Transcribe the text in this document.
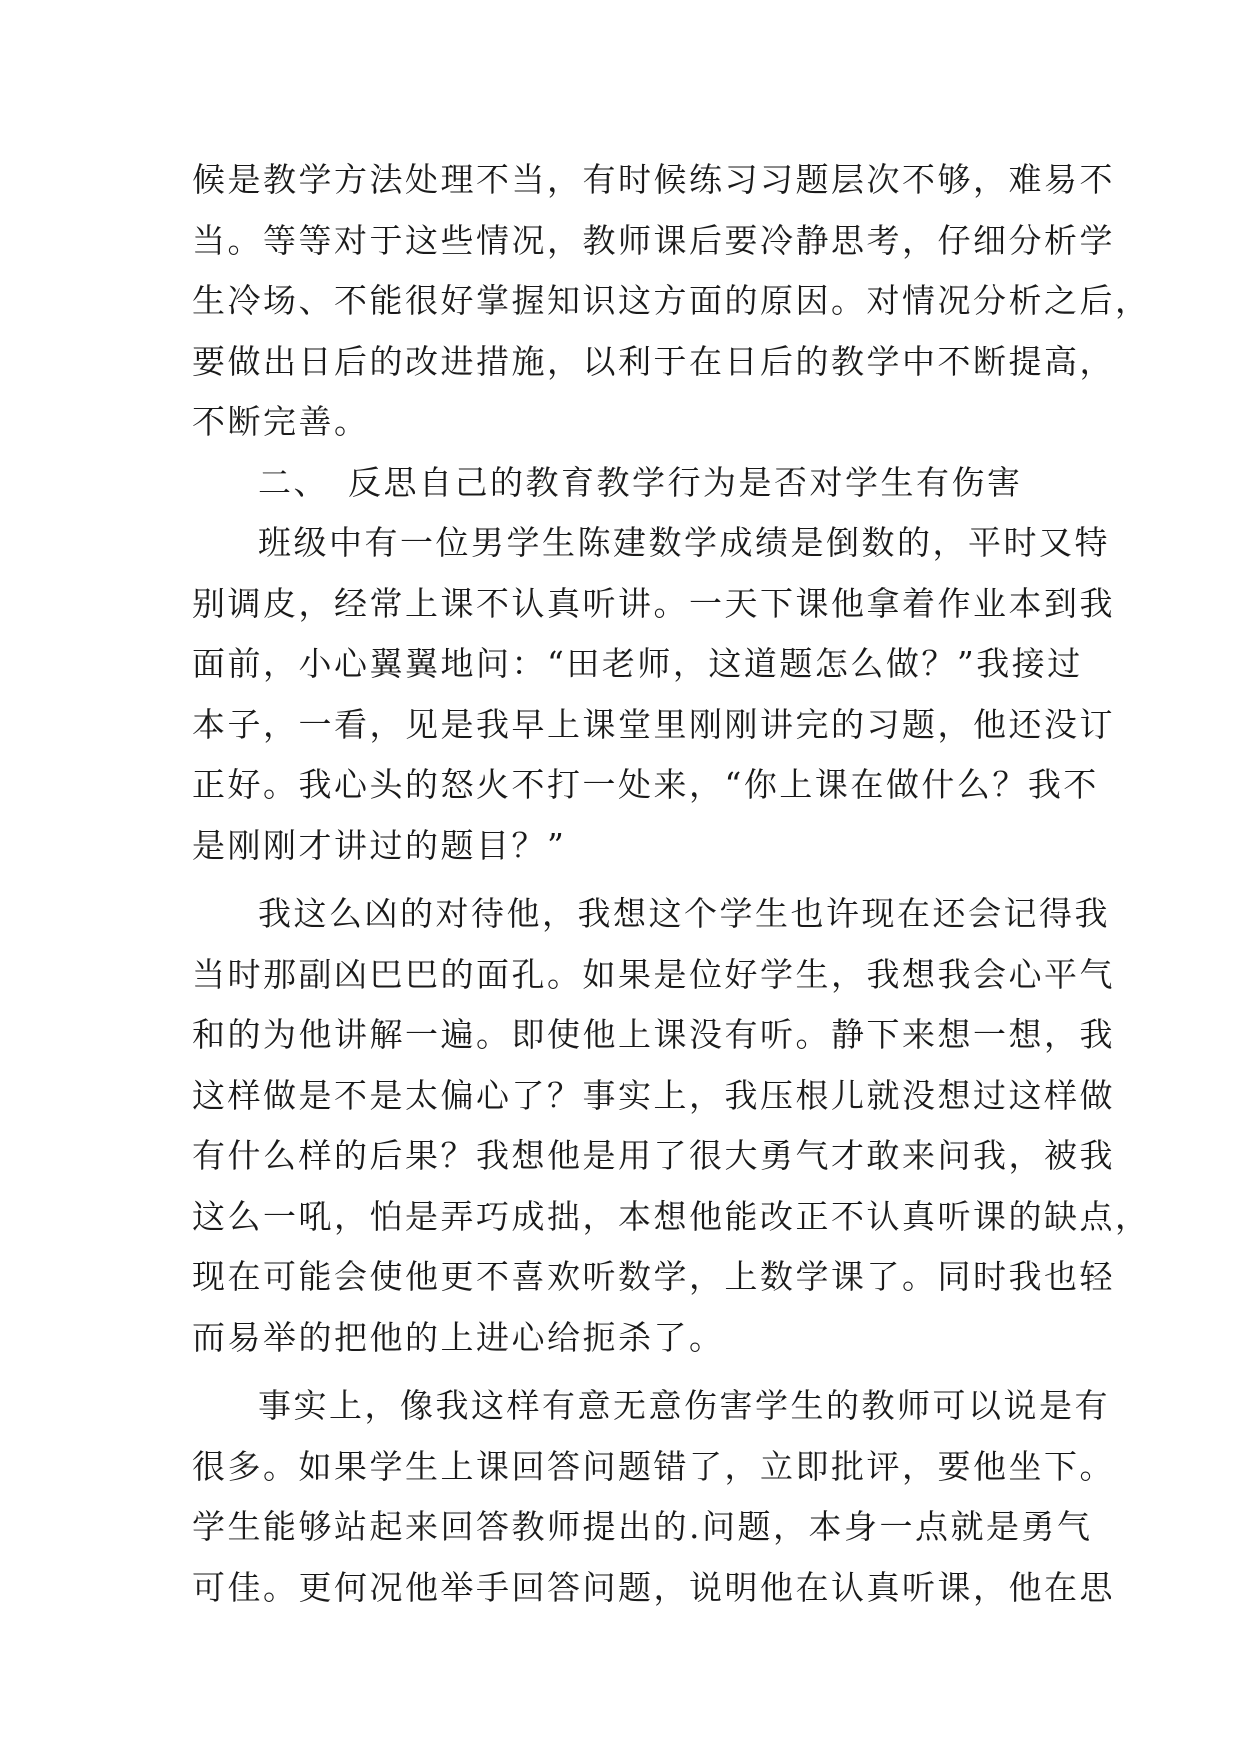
候是教学方法处理不当，有时候练习习题层次不够，难易不
当。等等对于这些情况，教师课后要冷静思考，仔细分析学
生冷场、不能很好掌握知识这方面的原因。对情况分析之后，
要做出日后的改进措施，以利于在日后的教学中不断提高，
不断完善。
二、　反思自己的教育教学行为是否对学生有伤害
班级中有一位男学生陈建数学成绩是倒数的，平时又特
别调皮，经常上课不认真听讲。一天下课他拿着作业本到我
面前，小心翼翼地问：“田老师，这道题怎么做？”我接过
本子，一看，见是我早上课堂里刚刚讲完的习题，他还没订
正好。我心头的怒火不打一处来，“你上课在做什么？我不
是刚刚才讲过的题目？”
我这么凶的对待他，我想这个学生也许现在还会记得我
当时那副凶巴巴的面孔。如果是位好学生，我想我会心平气
和的为他讲解一遍。即使他上课没有听。静下来想一想，我
这样做是不是太偏心了？事实上，我压根儿就没想过这样做
有什么样的后果？我想他是用了很大勇气才敢来问我，被我
这么一吼，怕是弄巧成拙，本想他能改正不认真听课的缺点，
现在可能会使他更不喜欢听数学，上数学课了。同时我也轻
而易举的把他的上进心给扼杀了。
事实上，像我这样有意无意伤害学生的教师可以说是有
很多。如果学生上课回答问题错了，立即批评，要他坐下。
学生能够站起来回答教师提出的.问题，本身一点就是勇气
可佳。更何况他举手回答问题，说明他在认真听课，他在思
